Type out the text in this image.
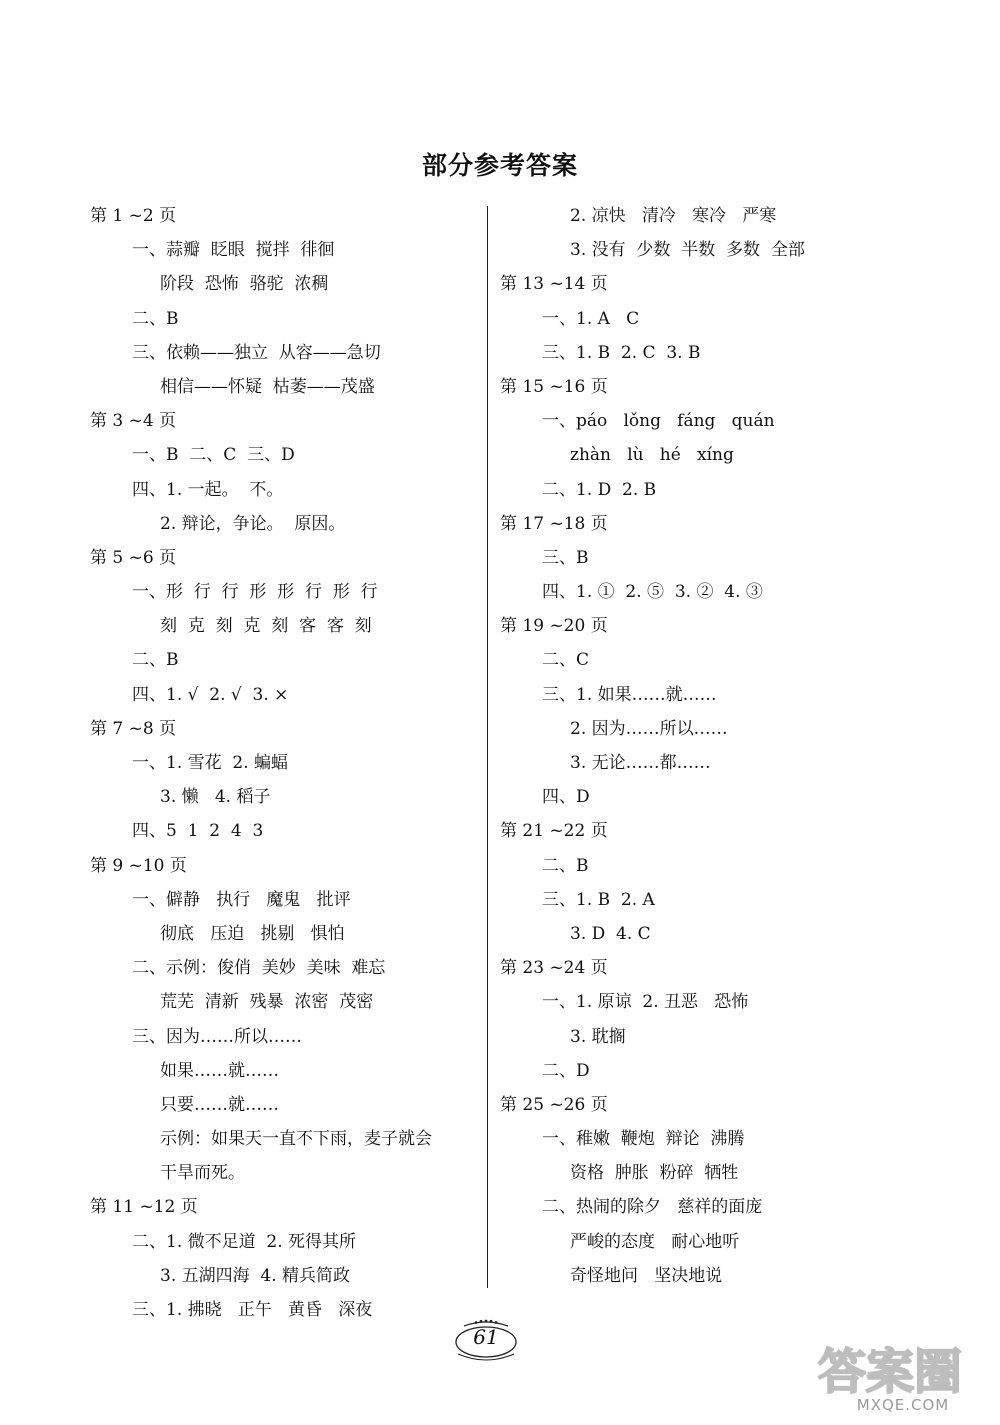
部分参考答案
第 1 ~2 页
一、蒜瓣  眨眼  搅拌  徘徊
阶段  恐怖  骆驼  浓稠
二、B
三、依赖——独立  从容——急切
相信——怀疑  枯萎——茂盛
第 3 ~4 页
一、B  二、C  三、D
四、1. 一起。  不。
2. 辩论，争论。  原因。
第 5 ~6 页
一、形  行  行  形  形  行  形  行
刻  克  刻  克  刻  客  客  刻
二、B
四、1. √  2. √  3. ×
第 7 ~8 页
一、1. 雪花  2. 蝙蝠
3. 懒   4. 稻子
四、5  1  2  4  3
第 9 ~10 页
一、僻静   执行   魔鬼   批评
彻底   压迫   挑剔   惧怕
二、示例：俊俏  美妙  美味  难忘
荒芜  清新  残暴  浓密  茂密
三、因为……所以……
如果……就……
只要……就……
示例：如果天一直不下雨，麦子就会
干旱而死。
第 11 ~12 页
二、1. 微不足道  2. 死得其所
3. 五湖四海  4. 精兵简政
三、1. 拂晓   正午   黄昏   深夜
2. 凉快   清冷   寒冷   严寒
3. 没有  少数  半数  多数  全部
第 13 ~14 页
一、1. A   C
三、1. B  2. C  3. B
第 15 ~16 页
一、páo   lǒng   fáng   quán
zhàn   lù   hé   xíng
二、1. D  2. B
第 17 ~18 页
三、B
四、1. ①  2. ⑤  3. ②  4. ③
第 19 ~20 页
二、C
三、1. 如果……就……
2. 因为……所以……
3. 无论……都……
四、D
第 21 ~22 页
二、B
三、1. B  2. A
3. D  4. C
第 23 ~24 页
一、1. 原谅  2. 丑恶   恐怖
3. 耽搁
二、D
第 25 ~26 页
一、稚嫩  鞭炮  辩论  沸腾
资格  肿胀  粉碎  牺牲
二、热闹的除夕   慈祥的面庞
严峻的态度   耐心地听
奇怪地问   坚决地说
61
答案圈
MXQE.COM
